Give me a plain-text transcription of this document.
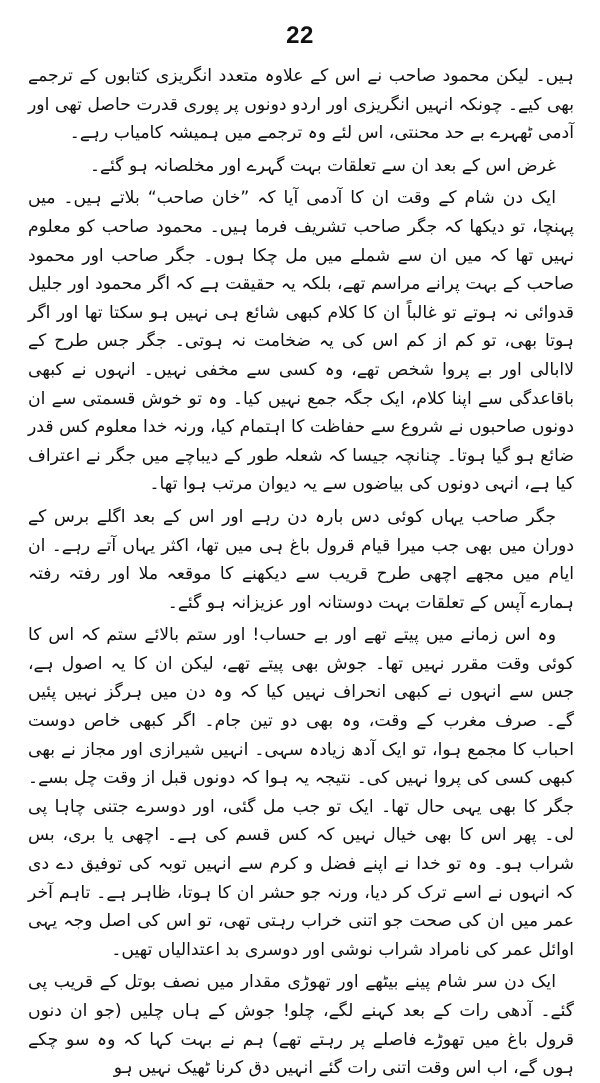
22

ہیں۔ لیکن محمود صاحب نے اس کے علاوہ متعدد انگریزی کتابوں کے ترجمے بھی کیے۔ چونکہ انہیں انگریزی اور اردو دونوں پر پوری قدرت حاصل تھی اور آدمی ٹھہرے بے حد محنتی، اس لئے وہ ترجمے میں ہمیشہ کامیاب رہے۔

غرض اس کے بعد ان سے تعلقات بہت گہرے اور مخلصانہ ہو گئے۔

ایک دن شام کے وقت ان کا آدمی آیا کہ ”خان صاحب“ بلاتے ہیں۔ میں پہنچا، تو دیکھا کہ جگر صاحب تشریف فرما ہیں۔ محمود صاحب کو معلوم نہیں تھا کہ میں ان سے شملے میں مل چکا ہوں۔ جگر صاحب اور محمود صاحب کے بہت پرانے مراسم تھے، بلکہ یہ حقیقت ہے کہ اگر محمود اور جلیل قدوائی نہ ہوتے تو غالباً ان کا کلام کبھی شائع ہی نہیں ہو سکتا تھا اور اگر ہوتا بھی، تو کم از کم اس کی یہ ضخامت نہ ہوتی۔ جگر جس طرح کے لاابالی اور بے پروا شخص تھے، وہ کسی سے مخفی نہیں۔ انہوں نے کبھی باقاعدگی سے اپنا کلام، ایک جگہ جمع نہیں کیا۔ وہ تو خوش قسمتی سے ان دونوں صاحبوں نے شروع سے حفاظت کا اہتمام کیا، ورنہ خدا معلوم کس قدر ضائع ہو گیا ہوتا۔ چنانچہ جیسا کہ شعلہ طور کے دیباچے میں جگر نے اعتراف کیا ہے، انہی دونوں کی بیاضوں سے یہ دیوان مرتب ہوا تھا۔

جگر صاحب یہاں کوئی دس بارہ دن رہے اور اس کے بعد اگلے برس کے دوران میں بھی جب میرا قیام قرول باغ ہی میں تھا، اکثر یہاں آتے رہے۔ ان ایام میں مجھے اچھی طرح قریب سے دیکھنے کا موقعہ ملا اور رفتہ رفتہ ہمارے آپس کے تعلقات بہت دوستانہ اور عزیزانہ ہو گئے۔

وہ اس زمانے میں پیتے تھے اور بے حساب! اور ستم بالائے ستم کہ اس کا کوئی وقت مقرر نہیں تھا۔ جوش بھی پیتے تھے، لیکن ان کا یہ اصول ہے، جس سے انہوں نے کبھی انحراف نہیں کیا کہ وہ دن میں ہرگز نہیں پئیں گے۔ صرف مغرب کے وقت، وہ بھی دو تین جام۔ اگر کبھی خاص دوست احباب کا مجمع ہوا، تو ایک آدھ زیادہ سہی۔ انہیں شیرازی اور مجاز نے بھی کبھی کسی کی پروا نہیں کی۔ نتیجہ یہ ہوا کہ دونوں قبل از وقت چل بسے۔ جگر کا بھی یہی حال تھا۔ ایک تو جب مل گئی، اور دوسرے جتنی چاہا پی لی۔ پھر اس کا بھی خیال نہیں کہ کس قسم کی ہے۔ اچھی یا بری، بس شراب ہو۔ وہ تو خدا نے اپنے فضل و کرم سے انہیں توبہ کی توفیق دے دی کہ انہوں نے اسے ترک کر دیا، ورنہ جو حشر ان کا ہوتا، ظاہر ہے۔ تاہم آخر عمر میں ان کی صحت جو اتنی خراب رہتی تھی، تو اس کی اصل وجہ یہی اوائل عمر کی نامراد شراب نوشی اور دوسری بد اعتدالیاں تھیں۔

ایک دن سر شام پینے بیٹھے اور تھوڑی مقدار میں نصف بوتل کے قریب پی گئے۔ آدھی رات کے بعد کہنے لگے، چلو! جوش کے ہاں چلیں (جو ان دنوں قرول باغ میں تھوڑے فاصلے پر رہتے تھے) ہم نے بہت کہا کہ وہ سو چکے ہوں گے، اب اس وقت اتنی رات گئے انہیں دق کرنا ٹھیک نہیں ہو
